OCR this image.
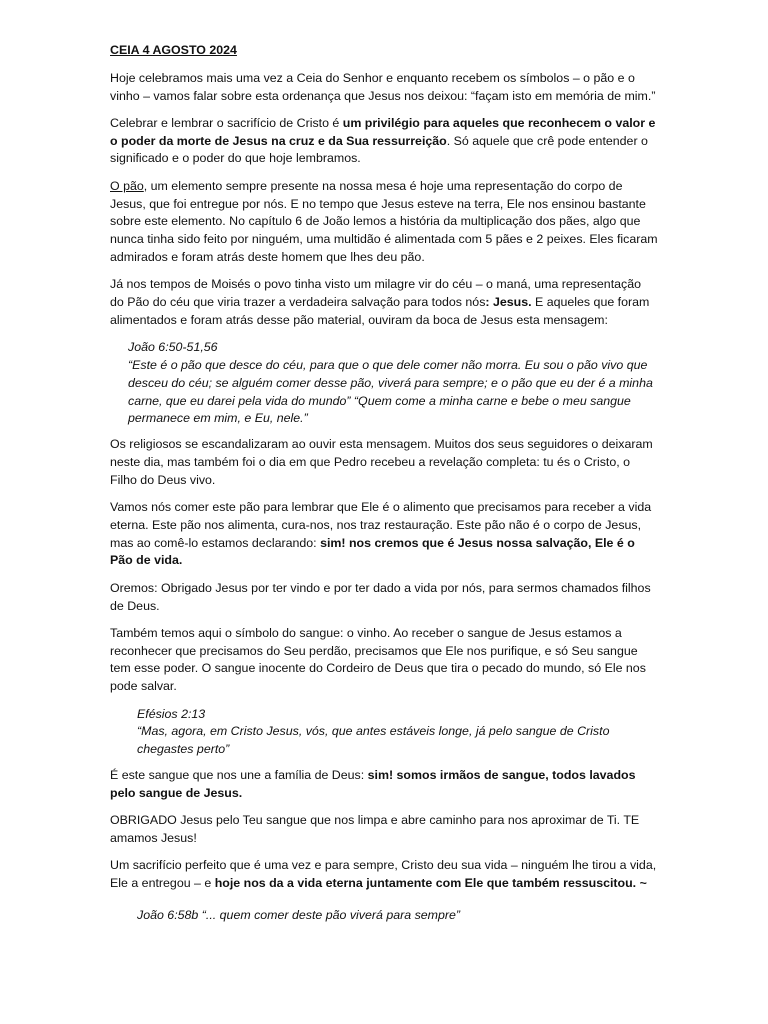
CEIA 4 AGOSTO 2024

Hoje celebramos mais uma vez a Ceia do Senhor e enquanto recebem os símbolos – o pão e o vinho – vamos falar sobre esta ordenança que Jesus nos deixou: “façam isto em memória de mim.”

Celebrar e lembrar o sacrifício de Cristo é um privilégio para aqueles que reconhecem o valor e o poder da morte de Jesus na cruz e da Sua ressurreição. Só aquele que crê pode entender o significado e o poder do que hoje lembramos.

O pão, um elemento sempre presente na nossa mesa é hoje uma representação do corpo de Jesus, que foi entregue por nós. E no tempo que Jesus esteve na terra, Ele nos ensinou bastante sobre este elemento. No capítulo 6 de João lemos a história da multiplicação dos pães, algo que nunca tinha sido feito por ninguém, uma multidão é alimentada com 5 pães e 2 peixes. Eles ficaram admirados e foram atrás deste homem que lhes deu pão.

Já nos tempos de Moisés o povo tinha visto um milagre vir do céu – o maná, uma representação do Pão do céu que viria trazer a verdadeira salvação para todos nós: Jesus. E aqueles que foram alimentados e foram atrás desse pão material, ouviram da boca de Jesus esta mensagem:

João 6:50-51,56
“Este é o pão que desce do céu, para que o que dele comer não morra. Eu sou o pão vivo que desceu do céu; se alguém comer desse pão, viverá para sempre; e o pão que eu der é a minha carne, que eu darei pela vida do mundo” “Quem come a minha carne e bebe o meu sangue permanece em mim, e Eu, nele.”

Os religiosos se escandalizaram ao ouvir esta mensagem. Muitos dos seus seguidores o deixaram neste dia, mas também foi o dia em que Pedro recebeu a revelação completa: tu és o Cristo, o Filho do Deus vivo.

Vamos nós comer este pão para lembrar que Ele é o alimento que precisamos para receber a vida eterna. Este pão nos alimenta, cura-nos, nos traz restauração. Este pão não é o corpo de Jesus, mas ao comê-lo estamos declarando: sim! nos cremos que é Jesus nossa salvação, Ele é o Pão de vida.

Oremos: Obrigado Jesus por ter vindo e por ter dado a vida por nós, para sermos chamados filhos de Deus.

Também temos aqui o símbolo do sangue: o vinho. Ao receber o sangue de Jesus estamos a reconhecer que precisamos do Seu perdão, precisamos que Ele nos purifique, e só Seu sangue tem esse poder. O sangue inocente do Cordeiro de Deus que tira o pecado do mundo, só Ele nos pode salvar.

Efésios 2:13
“Mas, agora, em Cristo Jesus, vós, que antes estáveis longe, já pelo sangue de Cristo chegastes perto”

É este sangue que nos une a família de Deus: sim! somos irmãos de sangue, todos lavados pelo sangue de Jesus.

OBRIGADO Jesus pelo Teu sangue que nos limpa e abre caminho para nos aproximar de Ti. TE amamos Jesus!

Um sacrifício perfeito que é uma vez e para sempre, Cristo deu sua vida – ninguém lhe tirou a vida, Ele a entregou – e hoje nos da a vida eterna juntamente com Ele que também ressuscitou. ~

João 6:58b “... quem comer deste pão viverá para sempre”
